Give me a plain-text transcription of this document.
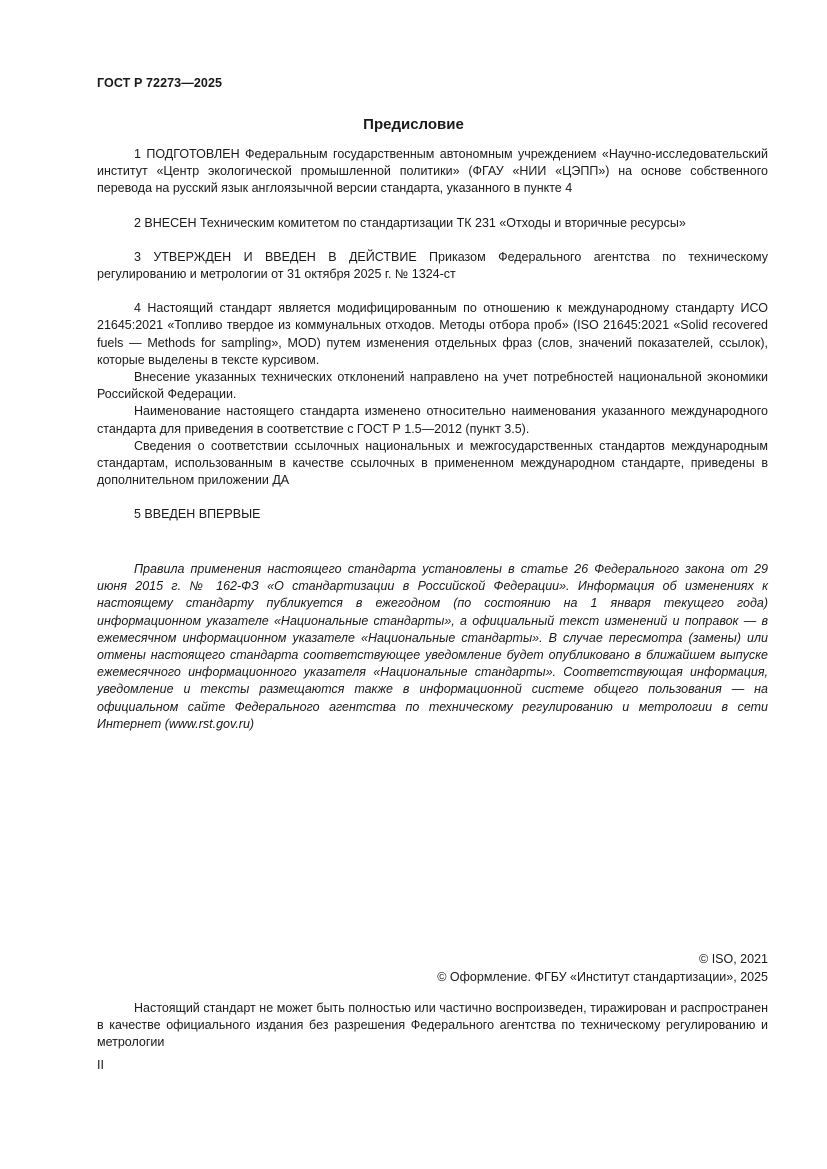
ГОСТ Р 72273—2025
Предисловие

1 ПОДГОТОВЛЕН Федеральным государственным автономным учреждением «Научно-исследовательский институт «Центр экологической промышленной политики» (ФГАУ «НИИ «ЦЭПП») на основе собственного перевода на русский язык англоязычной версии стандарта, указанного в пункте 4

2 ВНЕСЕН Техническим комитетом по стандартизации ТК 231 «Отходы и вторичные ресурсы»

3 УТВЕРЖДЕН И ВВЕДЕН В ДЕЙСТВИЕ Приказом Федерального агентства по техническому регулированию и метрологии от 31 октября 2025 г. № 1324-ст

4 Настоящий стандарт является модифицированным по отношению к международному стандарту ИСО 21645:2021 «Топливо твердое из коммунальных отходов. Методы отбора проб» (ISO 21645:2021 «Solid recovered fuels — Methods for sampling», MOD) путем изменения отдельных фраз (слов, значений показателей, ссылок), которые выделены в тексте курсивом.

Внесение указанных технических отклонений направлено на учет потребностей национальной экономики Российской Федерации.

Наименование настоящего стандарта изменено относительно наименования указанного международного стандарта для приведения в соответствие с ГОСТ Р 1.5—2012 (пункт 3.5).

Сведения о соответствии ссылочных национальных и межгосударственных стандартов международным стандартам, использованным в качестве ссылочных в примененном международном стандарте, приведены в дополнительном приложении ДА

5 ВВЕДЕН ВПЕРВЫЕ

Правила применения настоящего стандарта установлены в статье 26 Федерального закона от 29 июня 2015 г. № 162-ФЗ «О стандартизации в Российской Федерации». Информация об изменениях к настоящему стандарту публикуется в ежегодном (по состоянию на 1 января текущего года) информационном указателе «Национальные стандарты», а официальный текст изменений и поправок — в ежемесячном информационном указателе «Национальные стандарты». В случае пересмотра (замены) или отмены настоящего стандарта соответствующее уведомление будет опубликовано в ближайшем выпуске ежемесячного информационного указателя «Национальные стандарты». Соответствующая информация, уведомление и тексты размещаются также в информационной системе общего пользования — на официальном сайте Федерального агентства по техническому регулированию и метрологии в сети Интернет (www.rst.gov.ru)

© ISO, 2021
© Оформление. ФГБУ «Институт стандартизации», 2025

Настоящий стандарт не может быть полностью или частично воспроизведен, тиражирован и распространен в качестве официального издания без разрешения Федерального агентства по техническому регулированию и метрологии

II
